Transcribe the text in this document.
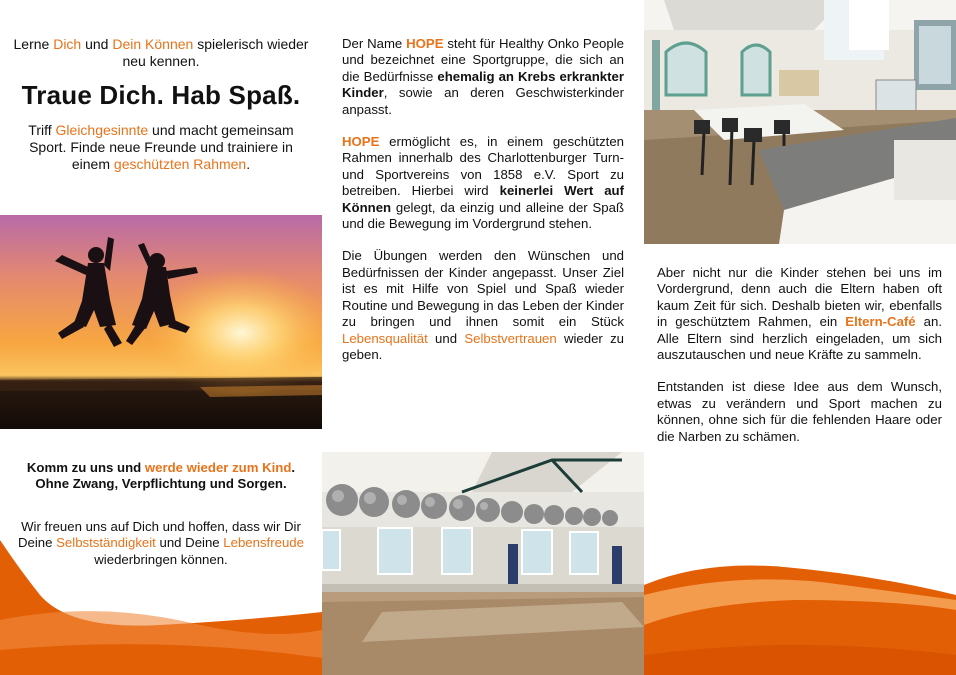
Lerne Dich und Dein Können spielerisch wieder neu kennen.

Traue Dich. Hab Spaß.

Triff Gleichgesinnte und macht gemeinsam Sport. Finde neue Freunde und trainiere in einem geschützten Rahmen.

Komm zu uns und werde wieder zum Kind. Ohne Zwang, Verpflichtung und Sorgen.

Wir freuen uns auf Dich und hoffen, dass wir Dir Deine Selbstständigkeit und Deine Lebensfreude wiederbringen können.

Der Name HOPE steht für Healthy Onko People und bezeichnet eine Sportgruppe, die sich an die Bedürfnisse ehemalig an Krebs erkrankter Kinder, sowie an deren Geschwisterkinder anpasst.

HOPE ermöglicht es, in einem geschützten Rahmen innerhalb des Charlottenburger Turn- und Sportvereins von 1858 e.V. Sport zu betreiben. Hierbei wird keinerlei Wert auf Können gelegt, da einzig und alleine der Spaß und die Bewegung im Vordergrund stehen.

Die Übungen werden den Wünschen und Bedürfnissen der Kinder angepasst. Unser Ziel ist es mit Hilfe von Spiel und Spaß wieder Routine und Bewegung in das Leben der Kinder zu bringen und ihnen somit ein Stück Lebensqualität und Selbstvertrauen wieder zu geben.

Aber nicht nur die Kinder stehen bei uns im Vordergrund, denn auch die Eltern haben oft kaum Zeit für sich. Deshalb bieten wir, ebenfalls in geschütztem Rahmen, ein Eltern-Café an. Alle Eltern sind herzlich eingeladen, um sich auszutauschen und neue Kräfte zu sammeln.

Entstanden ist diese Idee aus dem Wunsch, etwas zu verändern und Sport machen zu können, ohne sich für die fehlenden Haare oder die Narben zu schämen.
